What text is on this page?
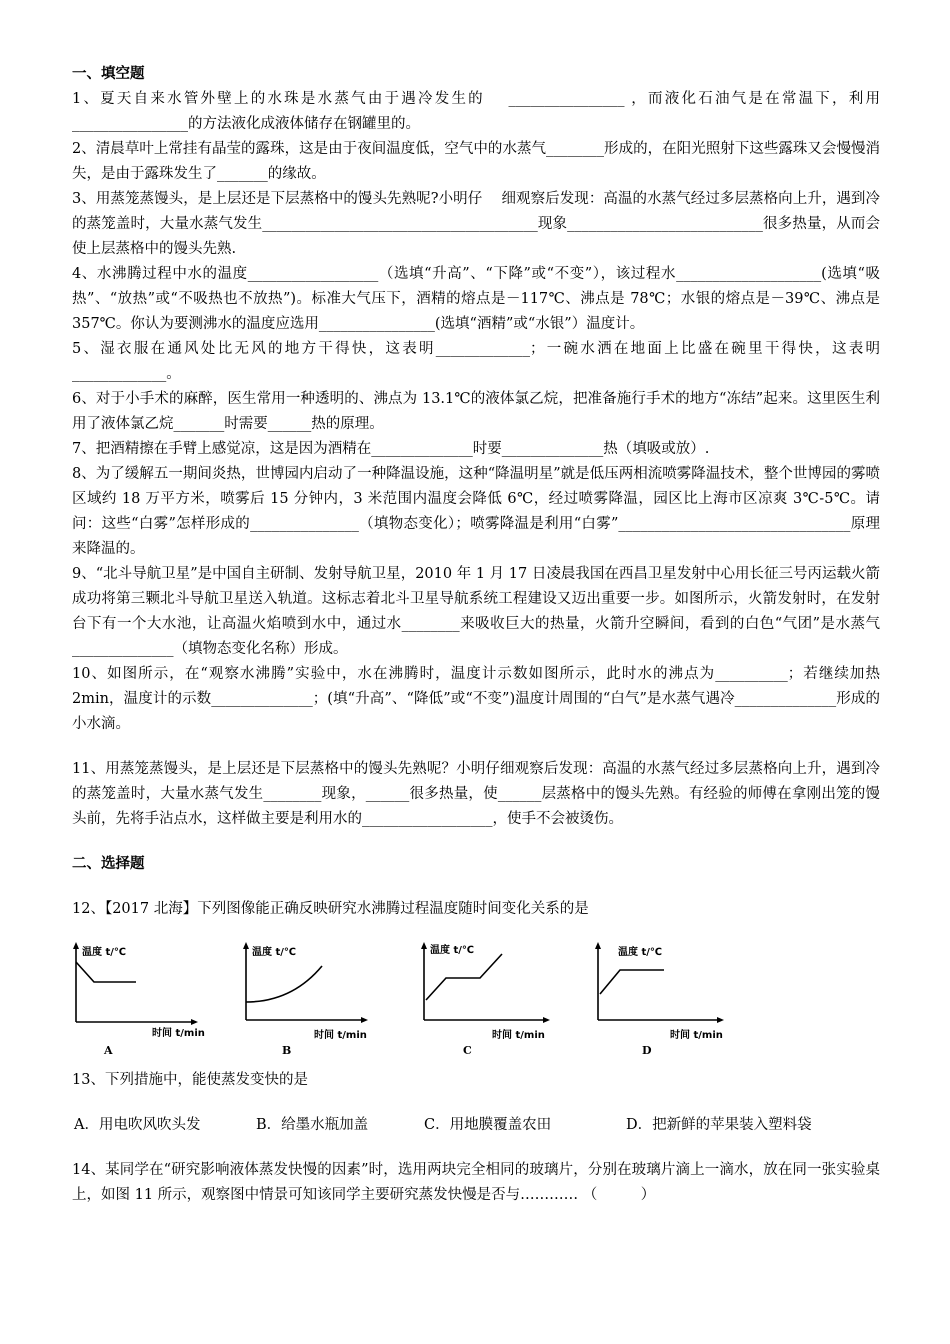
一、填空题

1、夏天自来水管外壁上的水珠是水蒸气由于遇冷发生的　 ________________ ，而液化石油气是在常温下，利用 ________________的方法液化成液体储存在钢罐里的。

2、清晨草叶上常挂有晶莹的露珠，这是由于夜间温度低，空气中的水蒸气________形成的，在阳光照射下这些露珠又会慢慢消失，是由于露珠发生了_______的缘故。

3、用蒸笼蒸馒头，是上层还是下层蒸格中的馒头先熟呢?小明仔　 细观察后发现：高温的水蒸气经过多层蒸格向上升，遇到冷的蒸笼盖时，大量水蒸气发生______________________________________现象___________________________很多热量，从而会使上层蒸格中的馒头先熟.

4、水沸腾过程中水的温度__________________（选填“升高”、“下降”或“不变”），该过程水____________________(选填“吸热”、“放热”或“不吸热也不放热”)。标准大气压下，酒精的熔点是－117℃、沸点是 78℃；水银的熔点是－39℃、沸点是 357℃。你认为要测沸水的温度应选用________________(选填“酒精”或“水银”）温度计。

5、湿衣服在通风处比无风的地方干得快，这表明_____________；一碗水洒在地面上比盛在碗里干得快，这表明_____________。

6、对于小手术的麻醉，医生常用一种透明的、沸点为 13.1℃的液体氯乙烷，把准备施行手术的地方“冻结”起来。这里医生利用了液体氯乙烷_______时需要______热的原理。

7、把酒精擦在手臂上感觉凉，这是因为酒精在______________时要______________热（填吸或放）.

8、为了缓解五一期间炎热，世博园内启动了一种降温设施，这种“降温明星”就是低压两相流喷雾降温技术，整个世博园的雾喷区域约 18 万平方米，喷雾后 15 分钟内，3 米范围内温度会降低 6℃，经过喷雾降温，园区比上海市区凉爽 3℃-5℃。请问：这些“白雾”怎样形成的_______________（填物态变化）；喷雾降温是利用“白雾”________________________________原理来降温的。

9、“北斗导航卫星”是中国自主研制、发射导航卫星，2010 年 1 月 17 日凌晨我国在西昌卫星发射中心用长征三号丙运载火箭成功将第三颗北斗导航卫星送入轨道。这标志着北斗卫星导航系统工程建设又迈出重要一步。如图所示，火箭发射时，在发射台下有一个大水池，让高温火焰喷到水中，通过水________来吸收巨大的热量，火箭升空瞬间，看到的白色“气团”是水蒸气______________（填物态变化名称）形成。

10、如图所示，在“观察水沸腾”实验中，水在沸腾时，温度计示数如图所示，此时水的沸点为__________；若继续加热 2min，温度计的示数______________；(填“升高”、“降低”或“不变”)温度计周围的“白气”是水蒸气遇冷______________形成的小水滴。

11、用蒸笼蒸馒头，是上层还是下层蒸格中的馒头先熟呢？小明仔细观察后发现：高温的水蒸气经过多层蒸格向上升，遇到冷的蒸笼盖时，大量水蒸气发生________现象，______很多热量，使______层蒸格中的馒头先熟。有经验的师傅在拿刚出笼的馒头前，先将手沾点水，这样做主要是利用水的__________________，使手不会被烫伤。

二、选择题

12、【2017 北海】下列图像能正确反映研究水沸腾过程温度随时间变化关系的是

温度 t/℃
时间 t/min
A
温度 t/℃
时间 t/min
B
温度 t/℃
时间 t/min
C
温度 t/℃
时间 t/min
D

13、下列措施中，能使蒸发变快的是

A．用电吹风吹头发	B．给墨水瓶加盖	C．用地膜覆盖农田	D．把新鲜的苹果装入塑料袋

14、某同学在“研究影响液体蒸发快慢的因素”时，选用两块完全相同的玻璃片，分别在玻璃片滴上一滴水，放在同一张实验桌上，如图 11 所示，观察图中情景可知该同学主要研究蒸发快慢是否与………… （　　　）
